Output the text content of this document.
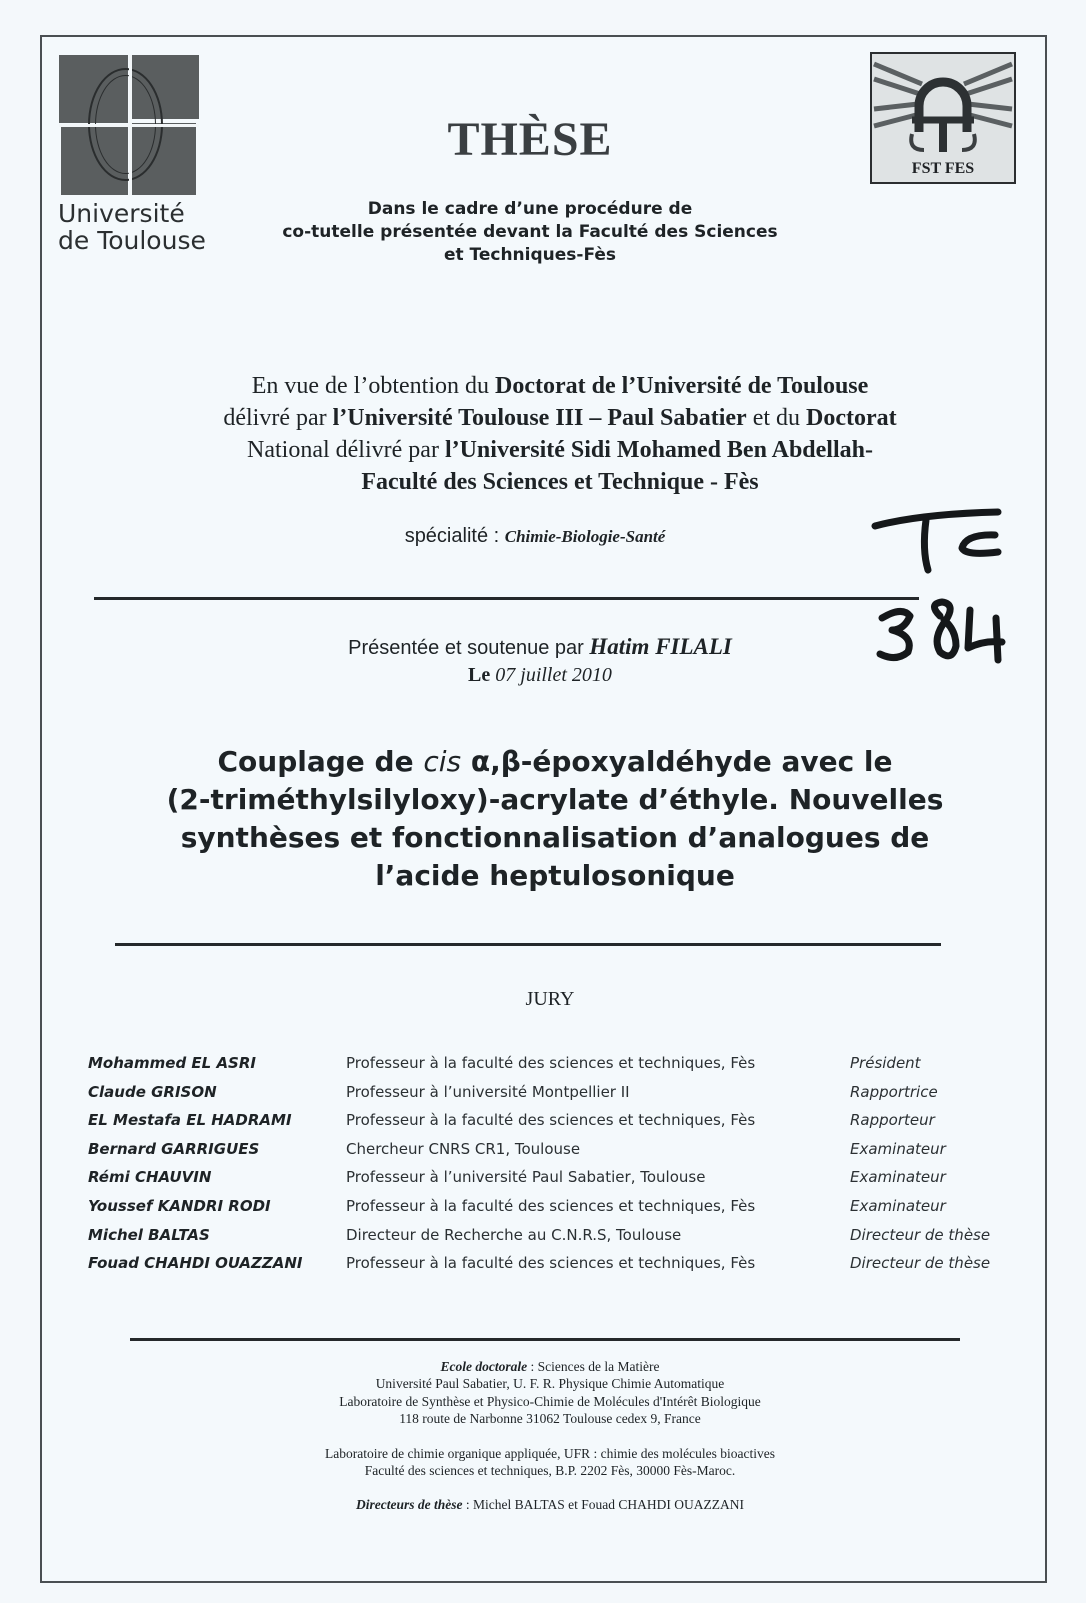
Université
de Toulouse
FST FES
THÈSE
Dans le cadre d’une procédure de
co-tutelle présentée devant la Faculté des Sciences
et Techniques-Fès
En vue de l’obtention du Doctorat de l’Université de Toulouse
délivré par l’Université Toulouse III – Paul Sabatier et du Doctorat
National délivré par l’Université Sidi Mohamed Ben Abdellah-
Faculté des Sciences et Technique - Fès
spécialité : Chimie-Biologie-Santé
Présentée et soutenue par Hatim FILALI
Le 07 juillet 2010
Couplage de cis α,β-époxyaldéhyde avec le
(2-triméthylsilyloxy)-acrylate d’éthyle. Nouvelles
synthèses et fonctionnalisation d’analogues de
l’acide heptulosonique
JURY
Mohammed EL ASRI	Professeur à la faculté des sciences et techniques, Fès	Président
Claude GRISON	Professeur à l’université Montpellier II	Rapportrice
EL Mestafa EL HADRAMI	Professeur à la faculté des sciences et techniques, Fès	Rapporteur
Bernard GARRIGUES	Chercheur CNRS CR1, Toulouse	Examinateur
Rémi CHAUVIN	Professeur à l’université Paul Sabatier, Toulouse	Examinateur
Youssef KANDRI RODI	Professeur à la faculté des sciences et techniques, Fès	Examinateur
Michel BALTAS	Directeur de Recherche au C.N.R.S, Toulouse	Directeur de thèse
Fouad CHAHDI OUAZZANI	Professeur à la faculté des sciences et techniques, Fès	Directeur de thèse
Ecole doctorale : Sciences de la Matière
Université Paul Sabatier, U. F. R. Physique Chimie Automatique
Laboratoire de Synthèse et Physico-Chimie de Molécules d'Intérêt Biologique
118 route de Narbonne 31062 Toulouse cedex 9, France
Laboratoire de chimie organique appliquée, UFR : chimie des molécules bioactives
Faculté des sciences et techniques, B.P. 2202 Fès, 30000 Fès-Maroc.
Directeurs de thèse : Michel BALTAS et Fouad CHAHDI OUAZZANI
